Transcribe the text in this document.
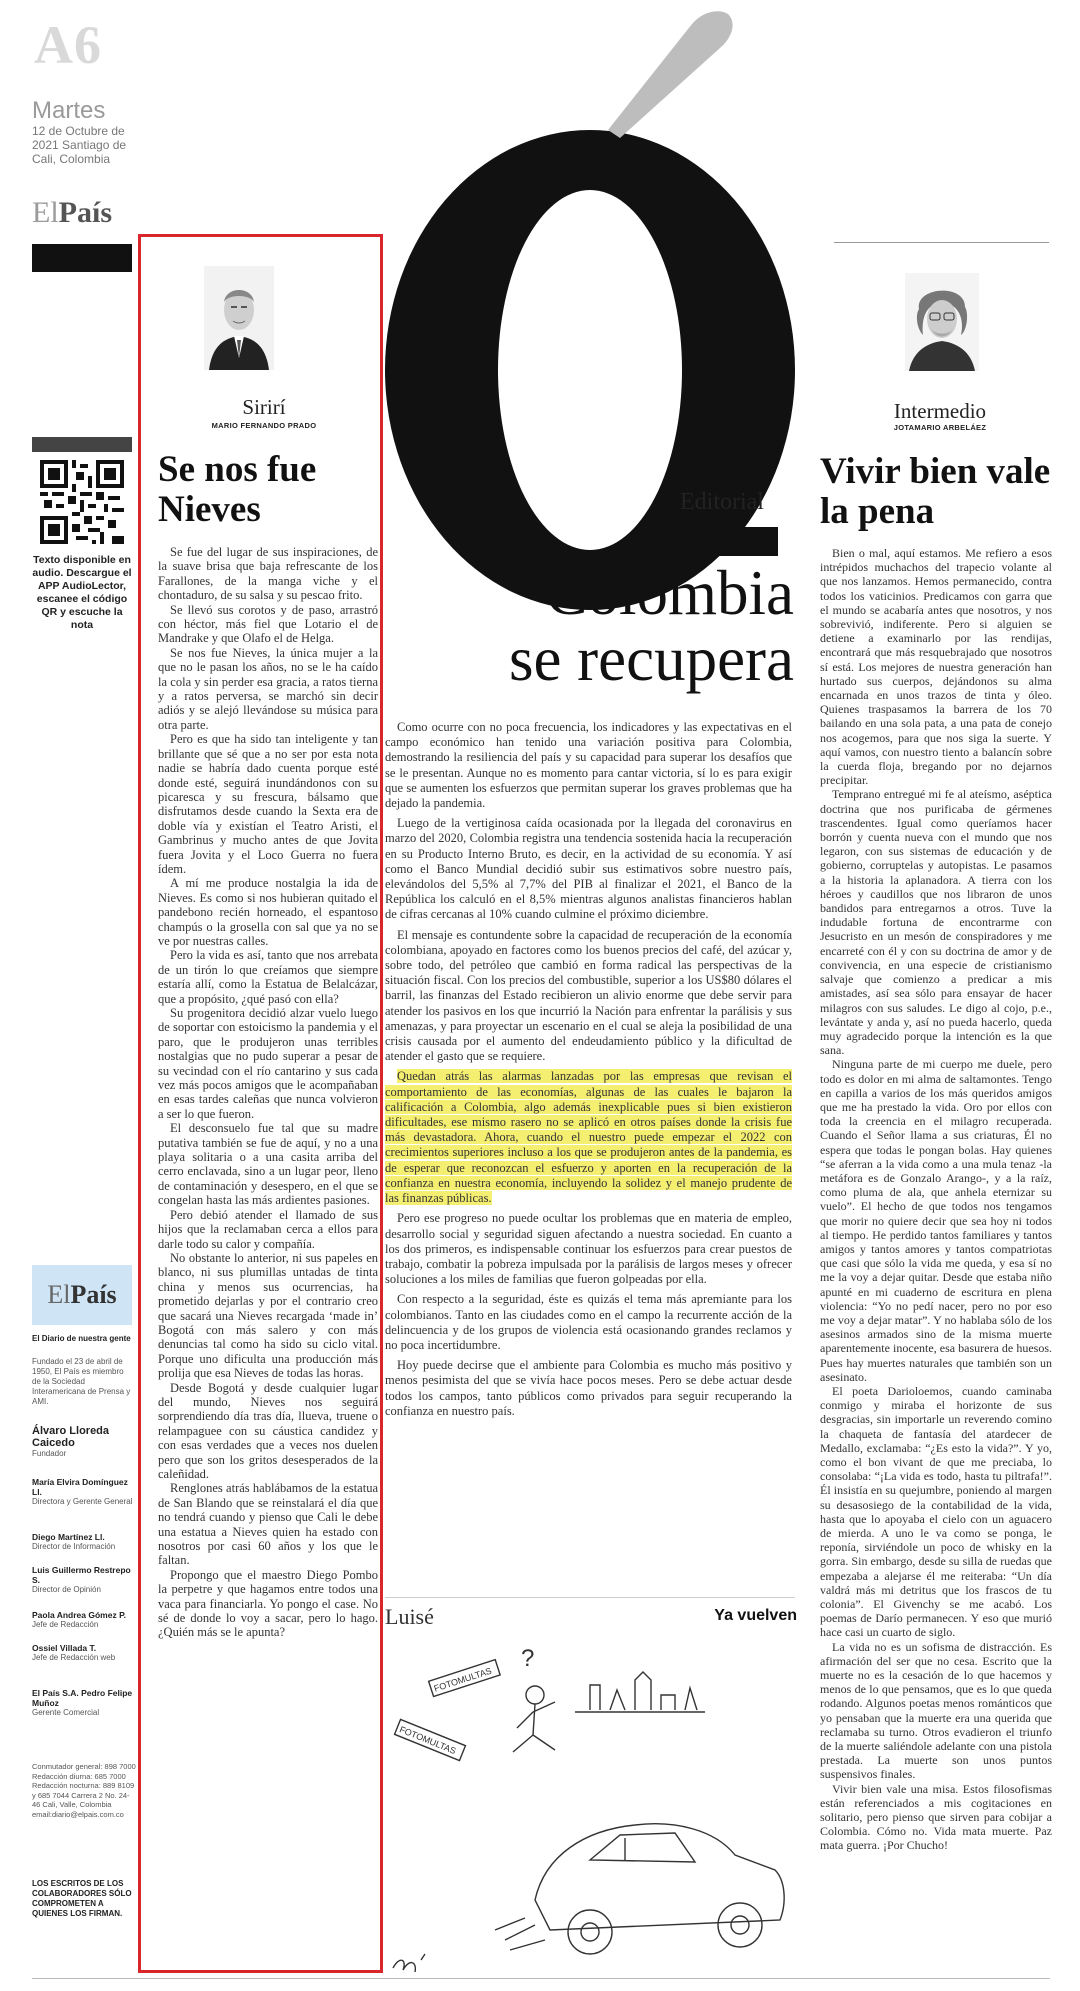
A6
Martes
12 de Octubre de 2021 Santiago de Cali, Colombia
ElPaís
Texto disponible en audio. Descargue el APP AudioLector, escanee el código QR y escuche la nota
El País
El Diario de nuestra gente
Fundado el 23 de abril de 1950, El País es miembro de la Sociedad Interamericana de Prensa y AMI.
Álvaro Lloreda Caicedo
Fundador
María Elvira Domínguez Ll.
Directora y Gerente General
Diego Martínez Ll.
Director de Información
Luis Guillermo Restrepo S.
Director de Opinión
Paola Andrea Gómez P.
Jefe de Redacción
Ossiel Villada T.
Jefe de Redacción web
El País S.A. Pedro Felipe Muñoz
Gerente Comercial
Conmutador general: 898 7000 Redacción diurna: 685 7000 Redacción nocturna: 889 8109 y 685 7044 Carrera 2 No. 24-46 Cali, Valle, Colombia email:diario@elpais.com.co
LOS ESCRITOS DE LOS COLABORADORES SÓLO COMPROMETEN A QUIENES LOS FIRMAN.
Sirirí
MARIO FERNANDO PRADO
Se nos fue Nieves

Se fue del lugar de sus inspiraciones, de la suave brisa que baja refrescante de los Farallones, de la manga viche y el chontaduro, de su salsa y su pescao frito.

Se llevó sus corotos y de paso, arrastró con héctor, más fiel que Lotario el de Mandrake y que Olafo el de Helga.

Se nos fue Nieves, la única mujer a la que no le pasan los años, no se le ha caído la cola y sin perder esa gracia, a ratos tierna y a ratos perversa, se marchó sin decir adiós y se alejó llevándose su música para otra parte.

Pero es que ha sido tan inteligente y tan brillante que sé que a no ser por esta nota nadie se habría dado cuenta porque esté donde esté, seguirá inundándonos con su picaresca y su frescura, bálsamo que disfrutamos desde cuando la Sexta era de doble vía y existían el Teatro Aristi, el Gambrinus y mucho antes de que Jovita fuera Jovita y el Loco Guerra no fuera ídem.

A mí me produce nostalgia la ida de Nieves. Es como si nos hubieran quitado el pandebono recién horneado, el espantoso champús o la grosella con sal que ya no se ve por nuestras calles.

Pero la vida es así, tanto que nos arrebata de un tirón lo que creíamos que siempre estaría allí, como la Estatua de Belalcázar, que a propósito, ¿qué pasó con ella?

Su progenitora decidió alzar vuelo luego de soportar con estoicismo la pandemia y el paro, que le produjeron unas terribles nostalgias que no pudo superar a pesar de su vecindad con el río cantarino y sus cada vez más pocos amigos que le acompañaban en esas tardes caleñas que nunca volvieron a ser lo que fueron.

El desconsuelo fue tal que su madre putativa también se fue de aquí, y no a una playa solitaria o a una casita arriba del cerro enclavada, sino a un lugar peor, lleno de contaminación y desespero, en el que se congelan hasta las más ardientes pasiones.

Pero debió atender el llamado de sus hijos que la reclamaban cerca a ellos para darle todo su calor y compañía.

No obstante lo anterior, ni sus papeles en blanco, ni sus plumillas untadas de tinta china y menos sus ocurrencias, ha prometido dejarlas y por el contrario creo que sacará una Nieves recargada ‘made in’ Bogotá con más salero y con más denuncias tal como ha sido su ciclo vital. Porque uno dificulta una producción más prolija que esa Nieves de todas las horas.

Desde Bogotá y desde cualquier lugar del mundo, Nieves nos seguirá sorprendiendo día tras día, llueva, truene o relampaguee con su cáustica candidez y con esas verdades que a veces nos duelen pero que son los gritos desesperados de la caleñidad.

Renglones atrás hablábamos de la estatua de San Blando que se reinstalará el día que no tendrá cuando y pienso que Cali le debe una estatua a Nieves quien ha estado con nosotros por casi 60 años y los que le faltan.

Propongo que el maestro Diego Pombo la perpetre y que hagamos entre todos una vaca para financiarla. Yo pongo el case. No sé de donde lo voy a sacar, pero lo hago. ¿Quién más se le apunta?

Editorial
Colombia
se recupera

Como ocurre con no poca frecuencia, los indicadores y las expectativas en el campo económico han tenido una variación positiva para Colombia, demostrando la resiliencia del país y su capacidad para superar los desafíos que se le presentan. Aunque no es momento para cantar victoria, sí lo es para exigir que se aumenten los esfuerzos que permitan superar los graves problemas que ha dejado la pandemia.

Luego de la vertiginosa caída ocasionada por la llegada del coronavirus en marzo del 2020, Colombia registra una tendencia sostenida hacia la recuperación en su Producto Interno Bruto, es decir, en la actividad de su economía. Y así como el Banco Mundial decidió subir sus estimativos sobre nuestro país, elevándolos del 5,5% al 7,7% del PIB al finalizar el 2021, el Banco de la República los calculó en el 8,5% mientras algunos analistas financieros hablan de cifras cercanas al 10% cuando culmine el próximo diciembre.

El mensaje es contundente sobre la capacidad de recuperación de la economía colombiana, apoyado en factores como los buenos precios del café, del azúcar y, sobre todo, del petróleo que cambió en forma radical las perspectivas de la situación fiscal. Con los precios del combustible, superior a los US$80 dólares el barril, las finanzas del Estado recibieron un alivio enorme que debe servir para atender los pasivos en los que incurrió la Nación para enfrentar la parálisis y sus amenazas, y para proyectar un escenario en el cual se aleja la posibilidad de una crisis causada por el aumento del endeudamiento público y la dificultad de atender el gasto que se requiere.

Quedan atrás las alarmas lanzadas por las empresas que revisan el comportamiento de las economías, algunas de las cuales le bajaron la calificación a Colombia, algo además inexplicable pues si bien existieron dificultades, ese mismo rasero no se aplicó en otros países donde la crisis fue más devastadora. Ahora, cuando el nuestro puede empezar el 2022 con crecimientos superiores incluso a los que se produjeron antes de la pandemia, es de esperar que reconozcan el esfuerzo y aporten en la recuperación de la confianza en nuestra economía, incluyendo la solidez y el manejo prudente de las finanzas públicas.

Pero ese progreso no puede ocultar los problemas que en materia de empleo, desarrollo social y seguridad siguen afectando a nuestra sociedad. En cuanto a los dos primeros, es indispensable continuar los esfuerzos para crear puestos de trabajo, combatir la pobreza impulsada por la parálisis de largos meses y ofrecer soluciones a los miles de familias que fueron golpeadas por ella.

Con respecto a la seguridad, éste es quizás el tema más apremiante para los colombianos. Tanto en las ciudades como en el campo la recurrente acción de la delincuencia y de los grupos de violencia está ocasionando grandes reclamos y no poca incertidumbre.

Hoy puede decirse que el ambiente para Colombia es mucho más positivo y menos pesimista del que se vivía hace pocos meses. Pero se debe actuar desde todos los campos, tanto públicos como privados para seguir recuperando la confianza en nuestro país.

Luisé	Ya vuelven
?
FOTOMULTAS
FOTOMULTAS
Intermedio
JOTAMARIO ARBELÁEZ
Vivir bien vale la pena

Bien o mal, aquí estamos. Me refiero a esos intrépidos muchachos del trapecio volante al que nos lanzamos. Hemos permanecido, contra todos los vaticinios. Predicamos con garra que el mundo se acabaría antes que nosotros, y nos sobrevivió, indiferente. Pero si alguien se detiene a examinarlo por las rendijas, encontrará que más resquebrajado que nosotros sí está. Los mejores de nuestra generación han hurtado sus cuerpos, dejándonos su alma encarnada en unos trazos de tinta y óleo. Quienes traspasamos la barrera de los 70 bailando en una sola pata, a una pata de conejo nos acogemos, para que nos siga la suerte. Y aquí vamos, con nuestro tiento a balancín sobre la cuerda floja, bregando por no dejarnos precipitar.

Temprano entregué mi fe al ateísmo, aséptica doctrina que nos purificaba de gérmenes trascendentes. Igual como queríamos hacer borrón y cuenta nueva con el mundo que nos legaron, con sus sistemas de educación y de gobierno, corruptelas y autopistas. Le pasamos a la historia la aplanadora. A tierra con los héroes y caudillos que nos libraron de unos bandidos para entregarnos a otros. Tuve la indudable fortuna de encontrarme con Jesucristo en un mesón de conspiradores y me encarreté con él y con su doctrina de amor y de convivencia, en una especie de cristianismo salvaje que comienzo a predicar a mis amistades, así sea sólo para ensayar de hacer milagros con sus saludes. Le digo al cojo, p.e., levántate y anda y, así no pueda hacerlo, queda muy agradecido porque la intención es la que sana.

Ninguna parte de mi cuerpo me duele, pero todo es dolor en mi alma de saltamontes. Tengo en capilla a varios de los más queridos amigos que me ha prestado la vida. Oro por ellos con toda la creencia en el milagro recuperada. Cuando el Señor llama a sus criaturas, Él no espera que todas le pongan bolas. Hay quienes “se aferran a la vida como a una mula tenaz -la metáfora es de Gonzalo Arango-, y a la raíz, como pluma de ala, que anhela eternizar su vuelo”. El hecho de que todos nos tengamos que morir no quiere decir que sea hoy ni todos al tiempo. He perdido tantos familiares y tantos amigos y tantos amores y tantos compatriotas que casi que sólo la vida me queda, y esa sí no me la voy a dejar quitar. Desde que estaba niño apunté en mi cuaderno de escritura en plena violencia: “Yo no pedí nacer, pero no por eso me voy a dejar matar”. Y no hablaba sólo de los asesinos armados sino de la misma muerte aparentemente inocente, esa basurera de huesos. Pues hay muertes naturales que también son un asesinato.

El poeta Darioloemos, cuando caminaba conmigo y miraba el horizonte de sus desgracias, sin importarle un reverendo comino la chaqueta de fantasía del atardecer de Medallo, exclamaba: “¿Es esto la vida?”. Y yo, como el bon vivant de que me preciaba, lo consolaba: “¡La vida es todo, hasta tu piltrafa!”. Él insistía en su quejumbre, poniendo al margen su desasosiego de la contabilidad de la vida, hasta que lo apoyaba el cielo con un aguacero de mierda. A uno le va como se ponga, le reponía, sirviéndole un poco de whisky en la gorra. Sin embargo, desde su silla de ruedas que empezaba a alejarse él me reiteraba: “Un día valdrá más mi detritus que los frascos de tu colonia”. El Givenchy se me acabó. Los poemas de Darío permanecen. Y eso que murió hace casi un cuarto de siglo.

La vida no es un sofisma de distracción. Es afirmación del ser que no cesa. Escrito que la muerte no es la cesación de lo que hacemos y menos de lo que pensamos, que es lo que queda rodando. Algunos poetas menos románticos que yo pensaban que la muerte era una querida que reclamaba su turno. Otros evadieron el triunfo de la muerte saliéndole adelante con una pistola prestada. La muerte son unos puntos suspensivos finales.

Vivir bien vale una misa. Estos filosofismas están referenciados a mis cogitaciones en solitario, pero pienso que sirven para cobijar a Colombia. Cómo no. Vida mata muerte. Paz mata guerra. ¡Por Chucho!
